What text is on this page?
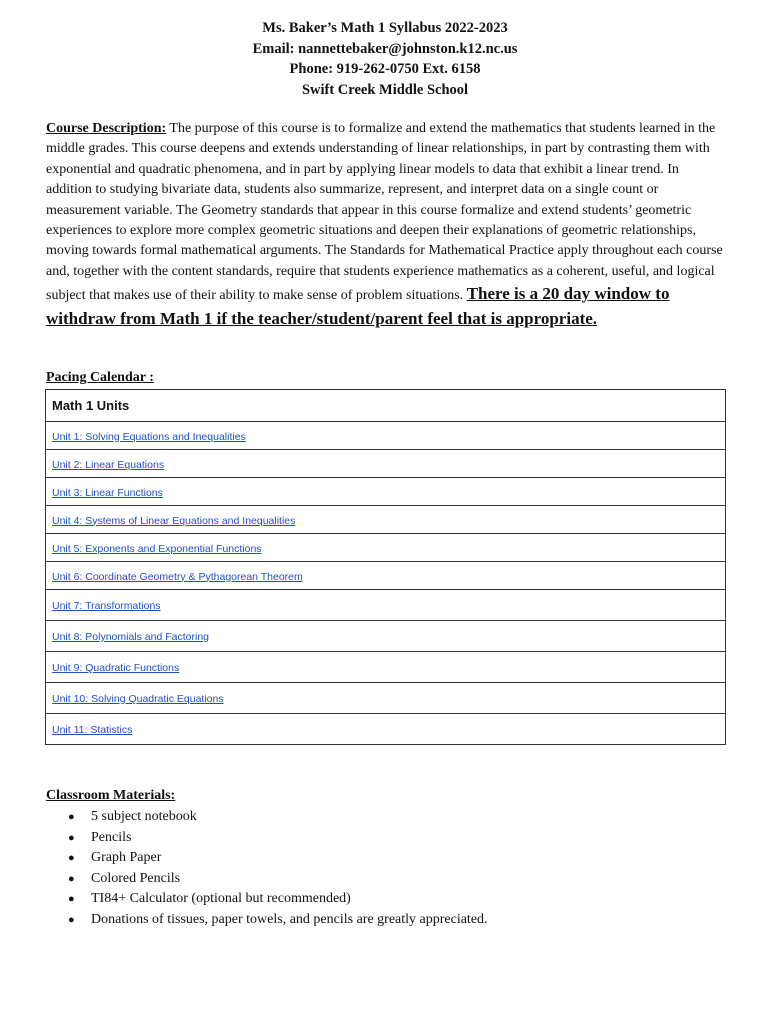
Ms. Baker’s Math 1 Syllabus 2022-2023
Email: nannettebaker@johnston.k12.nc.us
Phone: 919-262-0750 Ext. 6158
Swift Creek Middle School
Course Description: The purpose of this course is to formalize and extend the mathematics that students learned in the middle grades. This course deepens and extends understanding of linear relationships, in part by contrasting them with exponential and quadratic phenomena, and in part by applying linear models to data that exhibit a linear trend. In addition to studying bivariate data, students also summarize, represent, and interpret data on a single count or measurement variable. The Geometry standards that appear in this course formalize and extend students’ geometric experiences to explore more complex geometric situations and deepen their explanations of geometric relationships, moving towards formal mathematical arguments. The Standards for Mathematical Practice apply throughout each course and, together with the content standards, require that students experience mathematics as a coherent, useful, and logical subject that makes use of their ability to make sense of problem situations. There is a 20 day window to withdraw from Math 1 if the teacher/student/parent feel that is appropriate.
Pacing Calendar :
Math 1 Units
Unit 1: Solving Equations and Inequalities
Unit 2: Linear Equations
Unit 3: Linear Functions
Unit 4: Systems of Linear Equations and Inequalities
Unit 5: Exponents and Exponential Functions
Unit 6: Coordinate Geometry & Pythagorean Theorem
Unit 7: Transformations
Unit 8: Polynomials and Factoring
Unit 9: Quadratic Functions
Unit 10: Solving Quadratic Equations
Unit 11: Statistics
Classroom Materials:
● 5 subject notebook
● Pencils
● Graph Paper
● Colored Pencils
● TI84+ Calculator (optional but recommended)
● Donations of tissues, paper towels, and pencils are greatly appreciated.
